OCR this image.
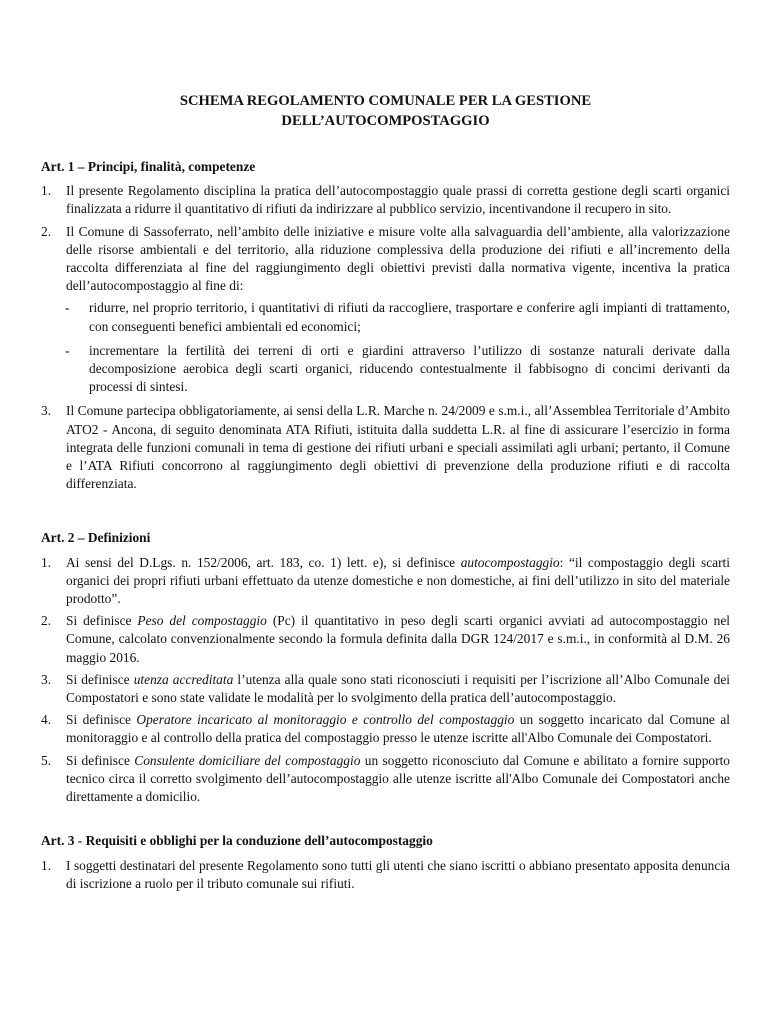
SCHEMA REGOLAMENTO COMUNALE PER LA GESTIONE
DELL’AUTOCOMPOSTAGGIO
Art. 1 – Principi, finalità, competenze
1. Il presente Regolamento disciplina la pratica dell’autocompostaggio quale prassi di corretta gestione degli scarti organici finalizzata a ridurre il quantitativo di rifiuti da indirizzare al pubblico servizio, incentivandone il recupero in sito.
2. Il Comune di Sassoferrato, nell’ambito delle iniziative e misure volte alla salvaguardia dell’ambiente, alla valorizzazione delle risorse ambientali e del territorio, alla riduzione complessiva della produzione dei rifiuti e all’incremento della raccolta differenziata al fine del raggiungimento degli obiettivi previsti dalla normativa vigente, incentiva la pratica dell’autocompostaggio al fine di:
- ridurre, nel proprio territorio, i quantitativi di rifiuti da raccogliere, trasportare e conferire agli impianti di trattamento, con conseguenti benefici ambientali ed economici;
- incrementare la fertilità dei terreni di orti e giardini attraverso l’utilizzo di sostanze naturali derivate dalla decomposizione aerobica degli scarti organici, riducendo contestualmente il fabbisogno di concimi derivanti da processi di sintesi.
3. Il Comune partecipa obbligatoriamente, ai sensi della L.R. Marche n. 24/2009 e s.m.i., all’Assemblea Territoriale d’Ambito ATO2 - Ancona, di seguito denominata ATA Rifiuti, istituita dalla suddetta L.R. al fine di assicurare l’esercizio in forma integrata delle funzioni comunali in tema di gestione dei rifiuti urbani e speciali assimilati agli urbani; pertanto, il Comune e l’ATA Rifiuti concorrono al raggiungimento degli obiettivi di prevenzione della produzione rifiuti e di raccolta differenziata.
Art. 2 – Definizioni
1. Ai sensi del D.Lgs. n. 152/2006, art. 183, co. 1) lett. e), si definisce autocompostaggio: “il compostaggio degli scarti organici dei propri rifiuti urbani effettuato da utenze domestiche e non domestiche, ai fini dell’utilizzo in sito del materiale prodotto”.
2. Si definisce Peso del compostaggio (Pc) il quantitativo in peso degli scarti organici avviati ad autocompostaggio nel Comune, calcolato convenzionalmente secondo la formula definita dalla DGR 124/2017 e s.m.i., in conformità al D.M. 26 maggio 2016.
3. Si definisce utenza accreditata l’utenza alla quale sono stati riconosciuti i requisiti per l’iscrizione all’Albo Comunale dei Compostatori e sono state validate le modalità per lo svolgimento della pratica dell’autocompostaggio.
4. Si definisce Operatore incaricato al monitoraggio e controllo del compostaggio un soggetto incaricato dal Comune al monitoraggio e al controllo della pratica del compostaggio presso le utenze iscritte all'Albo Comunale dei Compostatori.
5. Si definisce Consulente domiciliare del compostaggio un soggetto riconosciuto dal Comune e abilitato a fornire supporto tecnico circa il corretto svolgimento dell’autocompostaggio alle utenze iscritte all'Albo Comunale dei Compostatori anche direttamente a domicilio.
Art. 3 - Requisiti e obblighi per la conduzione dell’autocompostaggio
1. I soggetti destinatari del presente Regolamento sono tutti gli utenti che siano iscritti o abbiano presentato apposita denuncia di iscrizione a ruolo per il tributo comunale sui rifiuti.
